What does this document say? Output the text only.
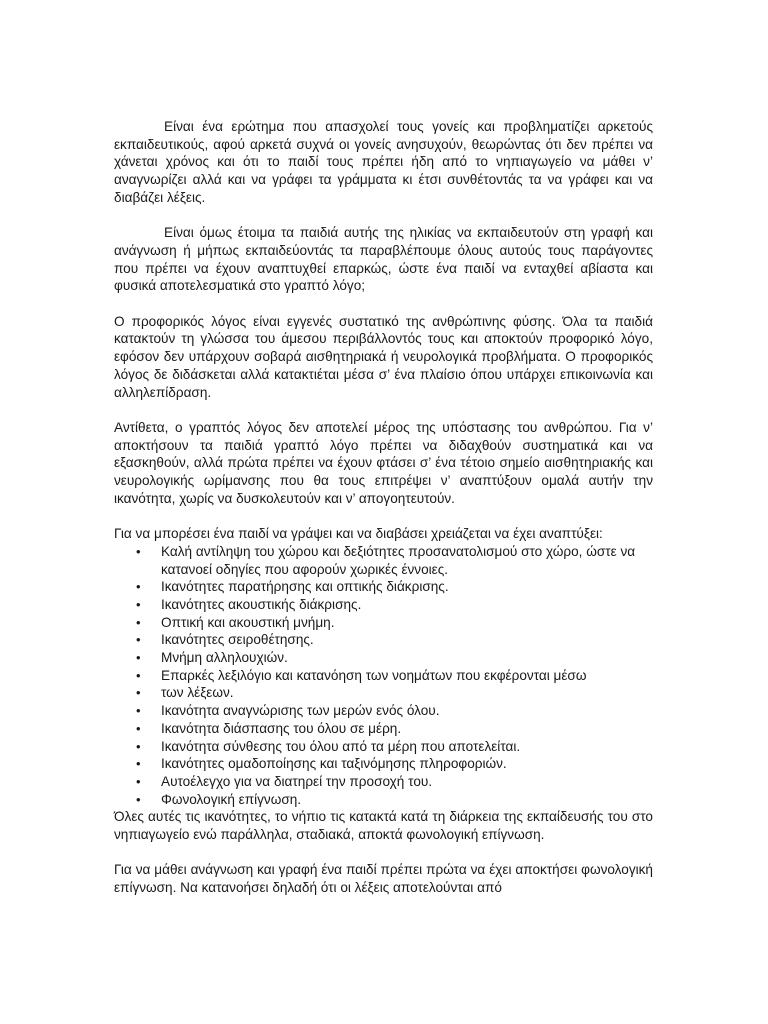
Είναι ένα ερώτημα που απασχολεί τους γονείς και προβληματίζει αρκετούς εκπαιδευτικούς, αφού αρκετά συχνά οι γονείς ανησυχούν, θεωρώντας ότι δεν πρέπει να χάνεται χρόνος και ότι το παιδί τους πρέπει ήδη από το νηπιαγωγείο να μάθει ν’ αναγνωρίζει αλλά και να γράφει τα γράμματα κι έτσι συνθέτοντάς τα να γράφει και να διαβάζει λέξεις.

Είναι όμως έτοιμα τα παιδιά αυτής της ηλικίας να εκπαιδευτούν στη γραφή και ανάγνωση ή μήπως εκπαιδεύοντάς τα παραβλέπουμε όλους αυτούς τους παράγοντες που πρέπει να έχουν αναπτυχθεί επαρκώς, ώστε ένα παιδί να ενταχθεί αβίαστα και φυσικά αποτελεσματικά στο γραπτό λόγο;

Ο προφορικός λόγος είναι εγγενές συστατικό της ανθρώπινης φύσης. Όλα τα παιδιά κατακτούν τη γλώσσα του άμεσου περιβάλλοντός τους και αποκτούν προφορικό λόγο, εφόσον δεν υπάρχουν σοβαρά αισθητηριακά ή νευρολογικά προβλήματα. Ο προφορικός λόγος δε διδάσκεται αλλά κατακτιέται μέσα σ’ ένα πλαίσιο όπου υπάρχει επικοινωνία και αλληλεπίδραση.

Αντίθετα, ο γραπτός λόγος δεν αποτελεί μέρος της υπόστασης του ανθρώπου. Για ν’ αποκτήσουν τα παιδιά γραπτό λόγο πρέπει να διδαχθούν συστηματικά και να εξασκηθούν, αλλά πρώτα πρέπει να έχουν φτάσει σ’ ένα τέτοιο σημείο αισθητηριακής και νευρολογικής ωρίμανσης που θα τους επιτρέψει ν’ αναπτύξουν ομαλά αυτήν την ικανότητα, χωρίς να δυσκολευτούν και ν’ απογοητευτούν.

Για να μπορέσει ένα παιδί να γράψει και να διαβάσει χρειάζεται να έχει αναπτύξει:

• Καλή αντίληψη του χώρου και δεξιότητες προσανατολισμού στο χώρο, ώστε να κατανοεί οδηγίες που αφορούν χωρικές έννοιες.
• Ικανότητες παρατήρησης και οπτικής διάκρισης.
• Ικανότητες ακουστικής διάκρισης.
• Οπτική και ακουστική μνήμη.
• Ικανότητες σειροθέτησης.
• Μνήμη αλληλουχιών.
• Επαρκές λεξιλόγιο και κατανόηση των νοημάτων που εκφέρονται μέσω
• των λέξεων.
• Ικανότητα αναγνώρισης των μερών ενός όλου.
• Ικανότητα διάσπασης του όλου σε μέρη.
• Ικανότητα σύνθεσης του όλου από τα μέρη που αποτελείται.
• Ικανότητες ομαδοποίησης και ταξινόμησης πληροφοριών.
• Αυτοέλεγχο για να διατηρεί την προσοχή του.
• Φωνολογική επίγνωση.

Όλες αυτές τις ικανότητες, το νήπιο τις κατακτά κατά τη διάρκεια της εκπαίδευσής του στο νηπιαγωγείο ενώ παράλληλα, σταδιακά, αποκτά φωνολογική επίγνωση.

Για να μάθει ανάγνωση και γραφή ένα παιδί πρέπει πρώτα να έχει αποκτήσει φωνολογική επίγνωση. Να κατανοήσει δηλαδή ότι οι λέξεις αποτελούνται από
